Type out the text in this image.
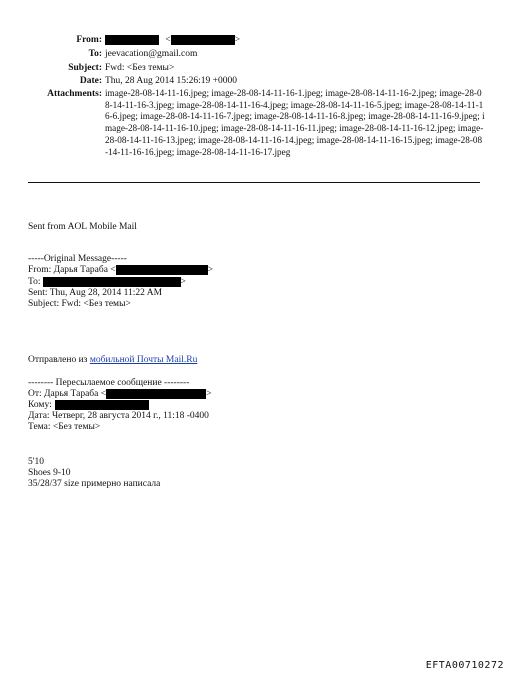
From:	<	>
To: jeevacation@gmail.com
Subject: Fwd: <Без темы>
Date: Thu, 28 Aug 2014 15:26:19 +0000
Attachments: image-28-08-14-11-16.jpeg; image-28-08-14-11-16-1.jpeg; image-28-08-14-11-16-2.jpeg; image-28-08-14-11-16-3.jpeg; image-28-08-14-11-16-4.jpeg; image-28-08-14-11-16-5.jpeg; image-28-08-14-11-16-6.jpeg; image-28-08-14-11-16-7.jpeg; image-28-08-14-11-16-8.jpeg; image-28-08-14-11-16-9.jpeg; image-28-08-14-11-16-10.jpeg; image-28-08-14-11-16-11.jpeg; image-28-08-14-11-16-12.jpeg; image-28-08-14-11-16-13.jpeg; image-28-08-14-11-16-14.jpeg; image-28-08-14-11-16-15.jpeg; image-28-08-14-11-16-16.jpeg; image-28-08-14-11-16-17.jpeg
Sent from AOL Mobile Mail
-----Original Message-----
From: Дарья Тараба <	>
To:	>
Sent: Thu, Aug 28, 2014 11:22 AM
Subject: Fwd: <Без темы>
Отправлено из мобильной Почты Mail.Ru
-------- Пересылаемое сообщение --------
От: Дарья Тараба <	>
Кому:
Дата: Четверг, 28 августа 2014 г., 11:18 -0400
Тема: <Без темы>
5'10
Shoes 9-10
35/28/37 size примерно написала
EFTA00710272
